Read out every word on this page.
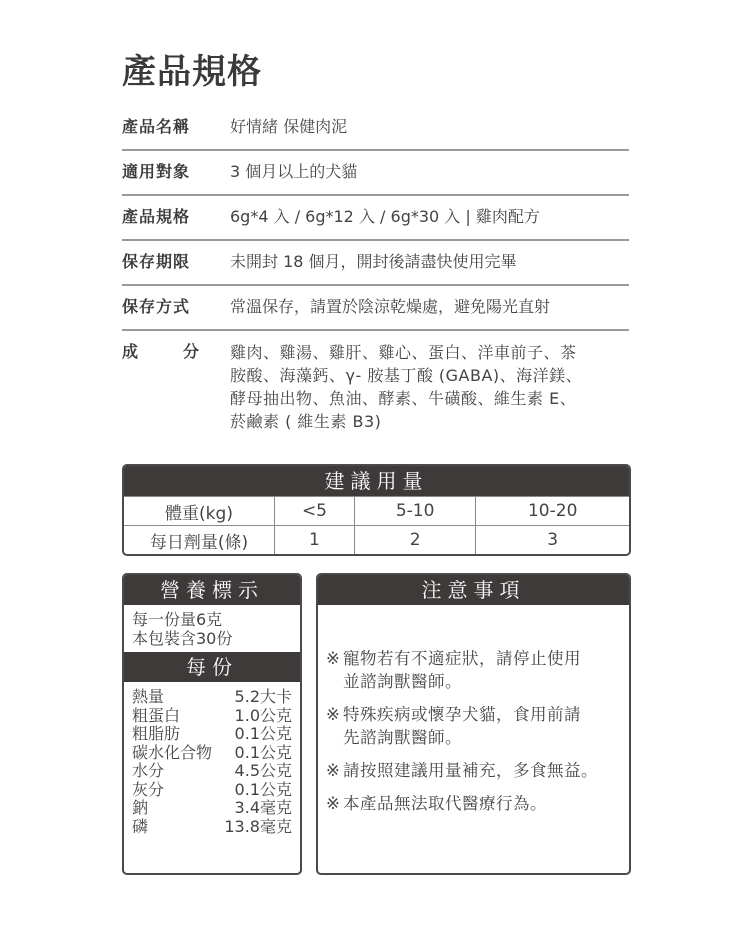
產品規格
產品名稱	好情緒 保健肉泥
適用對象	3 個月以上的犬貓
產品規格	6g*4 入 / 6g*12 入 / 6g*30 入 | 雞肉配方
保存期限	未開封 18 個月，開封後請盡快使用完畢
保存方式	常溫保存，請置於陰涼乾燥處，避免陽光直射
成	分 雞肉、雞湯、雞肝、雞心、蛋白、洋車前子、茶
胺酸、海藻鈣、γ- 胺基丁酸 (GABA)、海洋鎂、
酵母抽出物、魚油、酵素、牛磺酸、維生素 E、
菸鹼素 ( 維生素 B3)
建議用量
體重(kg)	<5	5-10	10-20
每日劑量(條)	1	2	3
營養標示
每一份量6克
本包裝含30份
每份
熱量	5.2大卡
粗蛋白	1.0公克
粗脂肪	0.1公克
碳水化合物 0.1公克
水分	4.5公克
灰分	0.1公克
鈉	3.4毫克
磷	13.8毫克
注意事項
※ 寵物若有不適症狀，請停止使用
並諮詢獸醫師。
※ 特殊疾病或懷孕犬貓，食用前請
先諮詢獸醫師。
※ 請按照建議用量補充，多食無益。
※ 本產品無法取代醫療行為。
